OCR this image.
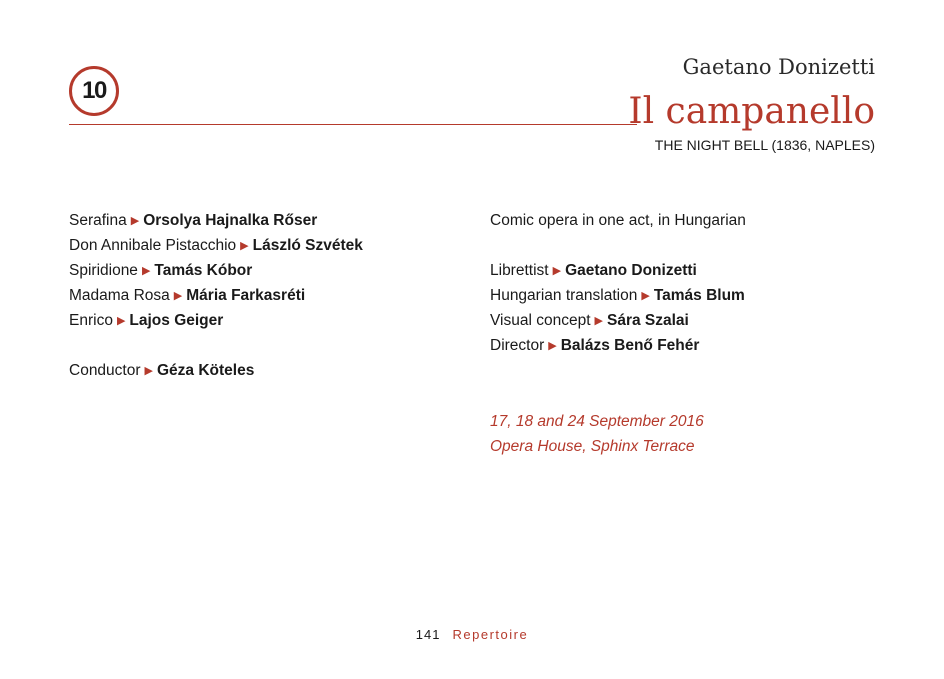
10
Gaetano Donizetti
Il campanello
THE NIGHT BELL (1836, NAPLES)
Serafina ▶ Orsolya Hajnalka Rőser
Don Annibale Pistacchio ▶ László Szvétek
Spiridione ▶ Tamás Kóbor
Madama Rosa ▶ Mária Farkasréti
Enrico ▶ Lajos Geiger
Conductor ▶ Géza Köteles
Comic opera in one act, in Hungarian
Librettist ▶ Gaetano Donizetti
Hungarian translation ▶ Tamás Blum
Visual concept ▶ Sára Szalai
Director ▶ Balázs Benő Fehér
17, 18 and 24 September 2016
Opera House, Sphinx Terrace
141 Repertoire
